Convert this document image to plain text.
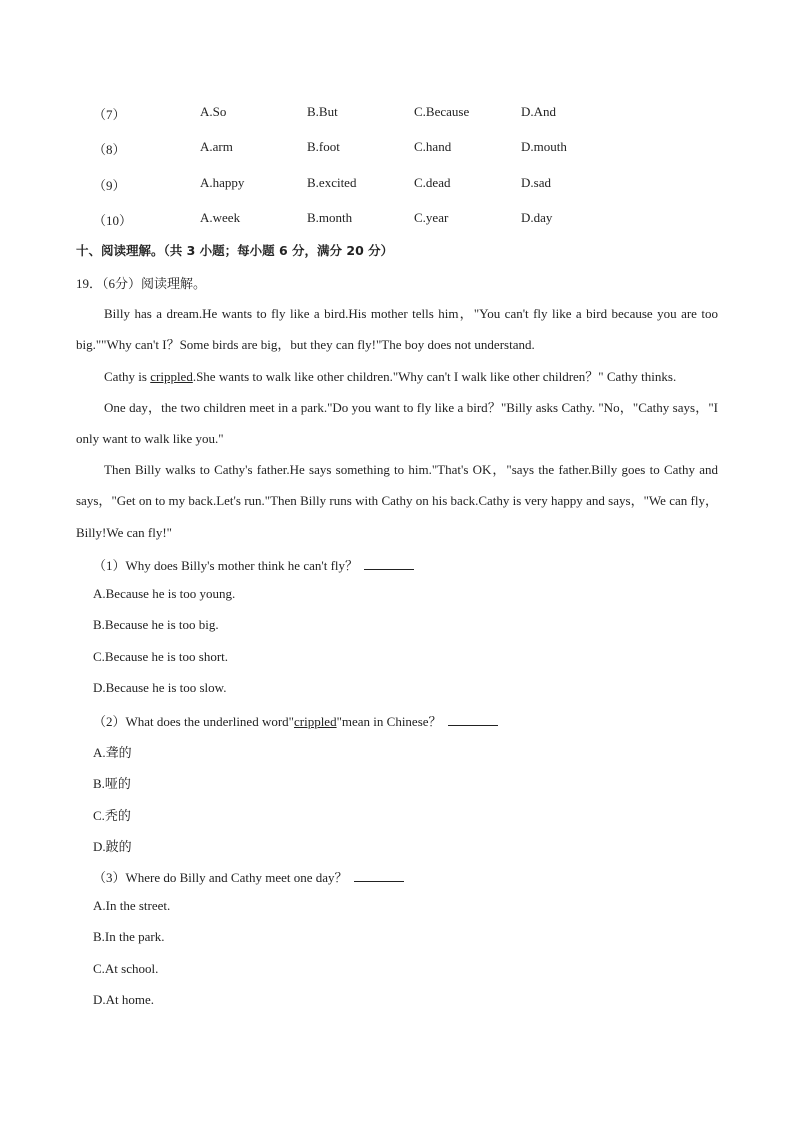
（7）	A.So	B.But	C.Because	D.And
（8）	A.arm	B.foot	C.hand	D.mouth
（9）	A.happy	B.excited	C.dead	D.sad
（10）	A.week	B.month	C.year	D.day
十、阅读理解。（共 3 小题；每小题 6 分，满分 20 分）
19．（6分）阅读理解。
Billy has a dream.He wants to fly like a bird.His mother tells him，"You can't fly like a bird because you are too big.""Why can't I？Some birds are big，but they can fly!"The boy does not understand.
Cathy is crippled.She wants to walk like other children."Why can't I walk like other children？" Cathy thinks.
One day，the two children meet in a park."Do you want to fly like a bird？"Billy asks Cathy. "No，"Cathy says，"I only want to walk like you."
Then Billy walks to Cathy's father.He says something to him."That's OK，"says the father.Billy goes to Cathy and says，"Get on to my back.Let's run."Then Billy runs with Cathy on his back.Cathy is very happy and says，"We can fly，Billy!We can fly!"
（1）Why does Billy's mother think he can't fly？
A.Because he is too young.
B.Because he is too big.
C.Because he is too short.
D.Because he is too slow.
（2）What does the underlined word"crippled"mean in Chinese？
A.聋的
B.哑的
C.秃的
D.跛的
（3）Where do Billy and Cathy meet one day？
A.In the street.
B.In the park.
C.At school.
D.At home.
